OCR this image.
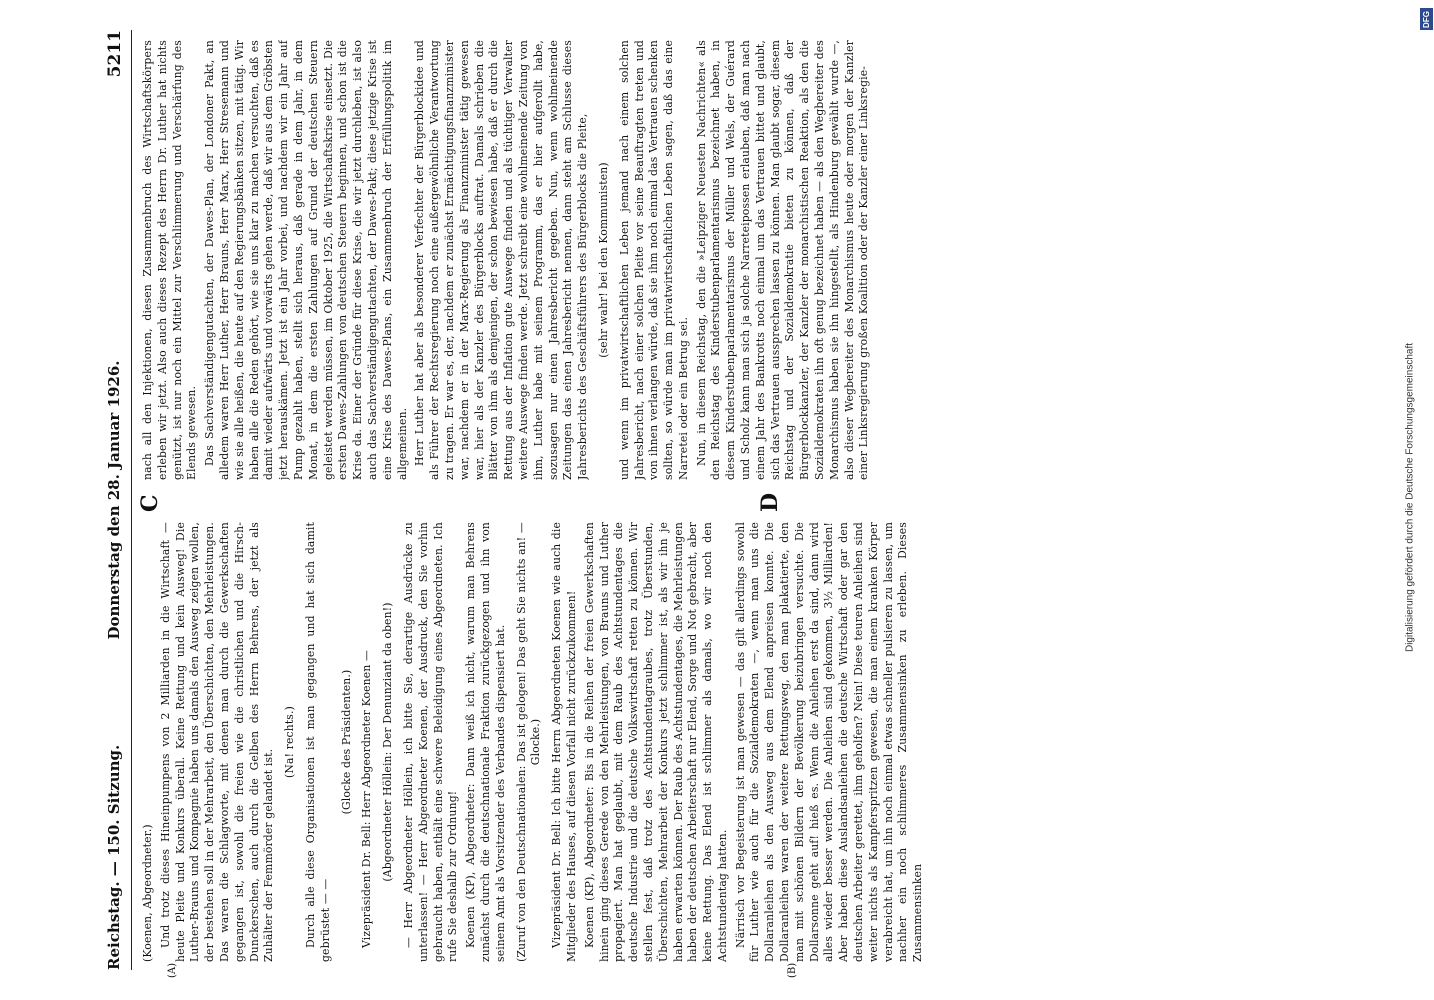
Reichstag. — 150. Sitzung.
Donnerstag den 28. Januar 1926.
5211
(A)	(B)
C	D

(Koenen, Abgeordneter.) Und trotz dieses Hineinpumpens von 2 Milliarden in die Wirtschaft — heute Pleite und Konkurs überall. Keine Rettung und kein Ausweg! Die Luther-Brauns und Kompagnie haben uns damals den Ausweg zeigen wollen, der bestehen soll in der Mehrarbeit, den Überschichten, den Mehrleistungen. Das waren die Schlagworte, mit denen man durch die Gewerkschaften gegangen ist, sowohl die freien wie die christlichen und die Hirsch-Dunckerschen, auch durch die Gelben des Herrn Behrens, der jetzt als Zuhälter der Femmörder gelandet ist.

(Na! rechts.) Durch alle diese Organisationen ist man gegangen und hat sich damit gebrüstet — —

(Glocke des Präsidenten.) Vizepräsident Dr. Bell: Herr Abgeordneter Koenen — (Abgeordneter Höllein: Der Denunziant da oben!) — Herr Abgeordneter Höllein, ich bitte Sie, derartige Ausdrücke zu unterlassen! — Herr Abgeordneter Koenen, der Ausdruck, den Sie vorhin gebraucht haben, enthält eine schwere Beleidigung eines Abgeordneten. Ich rufe Sie deshalb zur Ordnung! Koenen (KP), Abgeordneter: Dann weiß ich nicht, warum man Behrens zunächst durch die deutschnationale Fraktion zurückgezogen und ihn von seinem Amt als Vorsitzender des Verbandes dispensiert hat. (Zuruf von den Deutschnationalen: Das ist gelogen! Das geht Sie nichts an! — Glocke.) Vizepräsident Dr. Bell: Ich bitte Herrn Abgeordneten Koenen wie auch die Mitglieder des Hauses, auf diesen Vorfall nicht zurückzukommen! Koenen (KP), Abgeordneter: Bis in die Reihen der freien Gewerkschaften hinein ging dieses Gerede von den Mehrleistungen, von Brauns und Luther propagiert. Man hat geglaubt, mit dem Raub des Achtstundentages die deutsche Industrie und die deutsche Volkswirtschaft retten zu können. Wir stellen fest, daß trotz des Achtstundentagraubes, trotz Überstunden, Überschichten, Mehrarbeit der Konkurs jetzt schlimmer ist, als wir ihn je haben erwarten können. Der Raub des Achtstundentages, die Mehrleistungen haben der deutschen Arbeiterschaft nur Elend, Sorge und Not gebracht, aber keine Rettung. Das Elend ist schlimmer als damals, wo wir noch den Achtstundentag hatten. Närrisch vor Begeisterung ist man gewesen — das gilt allerdings sowohl für Luther wie auch für die Sozialdemokraten —, wenn man uns die Dollaranleihen als den Ausweg aus dem Elend anpreisen konnte. Die Dollaranleihen waren der weitere Rettungsweg, den man plakatierte, den man mit schönen Bildern der Bevölkerung beizubringen versuchte. Die Dollarsonne geht auf! hieß es. Wenn die Anleihen erst da sind, dann wird alles wieder besser werden. Die Anleihen sind gekommen, 3½ Milliarden! Aber haben diese Auslandsanleihen die deutsche Wirtschaft oder gar den deutschen Arbeiter gerettet, ihm geholfen? Nein! Diese teuren Anleihen sind weiter nichts als Kampferspritzen gewesen, die man einem kranken Körper verabreicht hat, um ihn noch einmal etwas schneller pulsieren zu lassen, um nachher ein noch schlimmeres Zusammensinken zu erleben. Dieses Zusammensinken

nach all den Injektionen, diesen Zusammenbruch des Wirtschaftskörpers erleben wir jetzt. Also auch dieses Rezept des Herrn Dr. Luther hat nichts genützt, ist nur noch ein Mittel zur Verschlimmerung und Verschärfung des Elends gewesen. Das Sachverständigengutachten, der Dawes-Plan, der Londoner Pakt, an alledem waren Herr Luther, Herr Brauns, Herr Marx, Herr Stresemann und wie sie alle heißen, die heute auf den Regierungsbänken sitzen, mit tätig. Wir haben alle die Reden gehört, wie sie uns klar zu machen versuchten, daß es damit wieder aufwärts und vorwärts gehen werde, daß wir aus dem Gröbsten jetzt herauskämen. Jetzt ist ein Jahr vorbei, und nachdem wir ein Jahr auf Pump gezahlt haben, stellt sich heraus, daß gerade in dem Jahr, in dem Monat, in dem die ersten Zahlungen auf Grund der deutschen Steuern geleistet werden müssen, im Oktober 1925, die Wirtschaftskrise einsetzt. Die ersten Dawes-Zahlungen von deutschen Steuern beginnen, und schon ist die Krise da. Einer der Gründe für diese Krise, die wir jetzt durchleben, ist also auch das Sachverständigengutachten, der Dawes-Pakt; diese jetzige Krise ist eine Krise des Dawes-Plans, ein Zusammenbruch der Erfüllungspolitik im allgemeinen. Herr Luther hat aber als besonderer Verfechter der Bürgerblockidee und als Führer der Rechtsregierung noch eine außergewöhnliche Verantwortung zu tragen. Er war es, der, nachdem er zunächst Ermächtigungsfinanzminister war, nachdem er in der Marx-Regierung als Finanzminister tätig gewesen war, hier als der Kanzler des Bürgerblocks auftrat. Damals schrieben die Blätter von ihm als demjenigen, der schon bewiesen habe, daß er durch die Rettung aus der Inflation gute Auswege finden und als tüchtiger Verwalter weitere Auswege finden werde. Jetzt schreibt eine wohlmeinende Zeitung von ihm, Luther habe mit seinem Programm, das er hier aufgerollt habe, sozusagen nur einen Jahresbericht gegeben. Nun, wenn wohlmeinende Zeitungen das einen Jahresbericht nennen, dann steht am Schlusse dieses Jahresberichts des Geschäftsführers des Bürgerblocks die Pleite, (sehr wahr! bei den Kommunisten) und wenn im privatwirtschaftlichen Leben jemand nach einem solchen Jahresbericht, nach einer solchen Pleite vor seine Beauftragten treten und von ihnen verlangen würde, daß sie ihm noch einmal das Vertrauen schenken sollten, so würde man im privatwirtschaftlichen Leben sagen, daß das eine Narretei oder ein Betrug sei. Nun, in diesem Reichstag, den die »Leipziger Neuesten Nachrichten« als den Reichstag des Kinderstubenparlamentarismus bezeichnet haben, in diesem Kinderstubenparlamentarismus der Müller und Wels, der Guérard und Scholz kann man sich ja solche Narreteipossen erlauben, daß man nach einem Jahr des Bankrotts noch einmal um das Vertrauen bittet und glaubt, sich das Vertrauen aussprechen lassen zu können. Man glaubt sogar, diesem Reichstag und der Sozialdemokratie bieten zu können, daß der Bürgerblockkanzler, der Kanzler der monarchistischen Reaktion, als den die Sozialdemokraten ihn oft genug bezeichnet haben — als den Wegbereiter des Monarchismus haben sie ihn hingestellt, als Hindenburg gewählt wurde —, also dieser Wegbereiter des Monarchismus heute oder morgen der Kanzler einer Linksregierung großen Koalition oder der Kanzler einer Linksregie-

Digitalisierung gefördert durch die Deutsche Forschungsgemeinschaft
DFG
